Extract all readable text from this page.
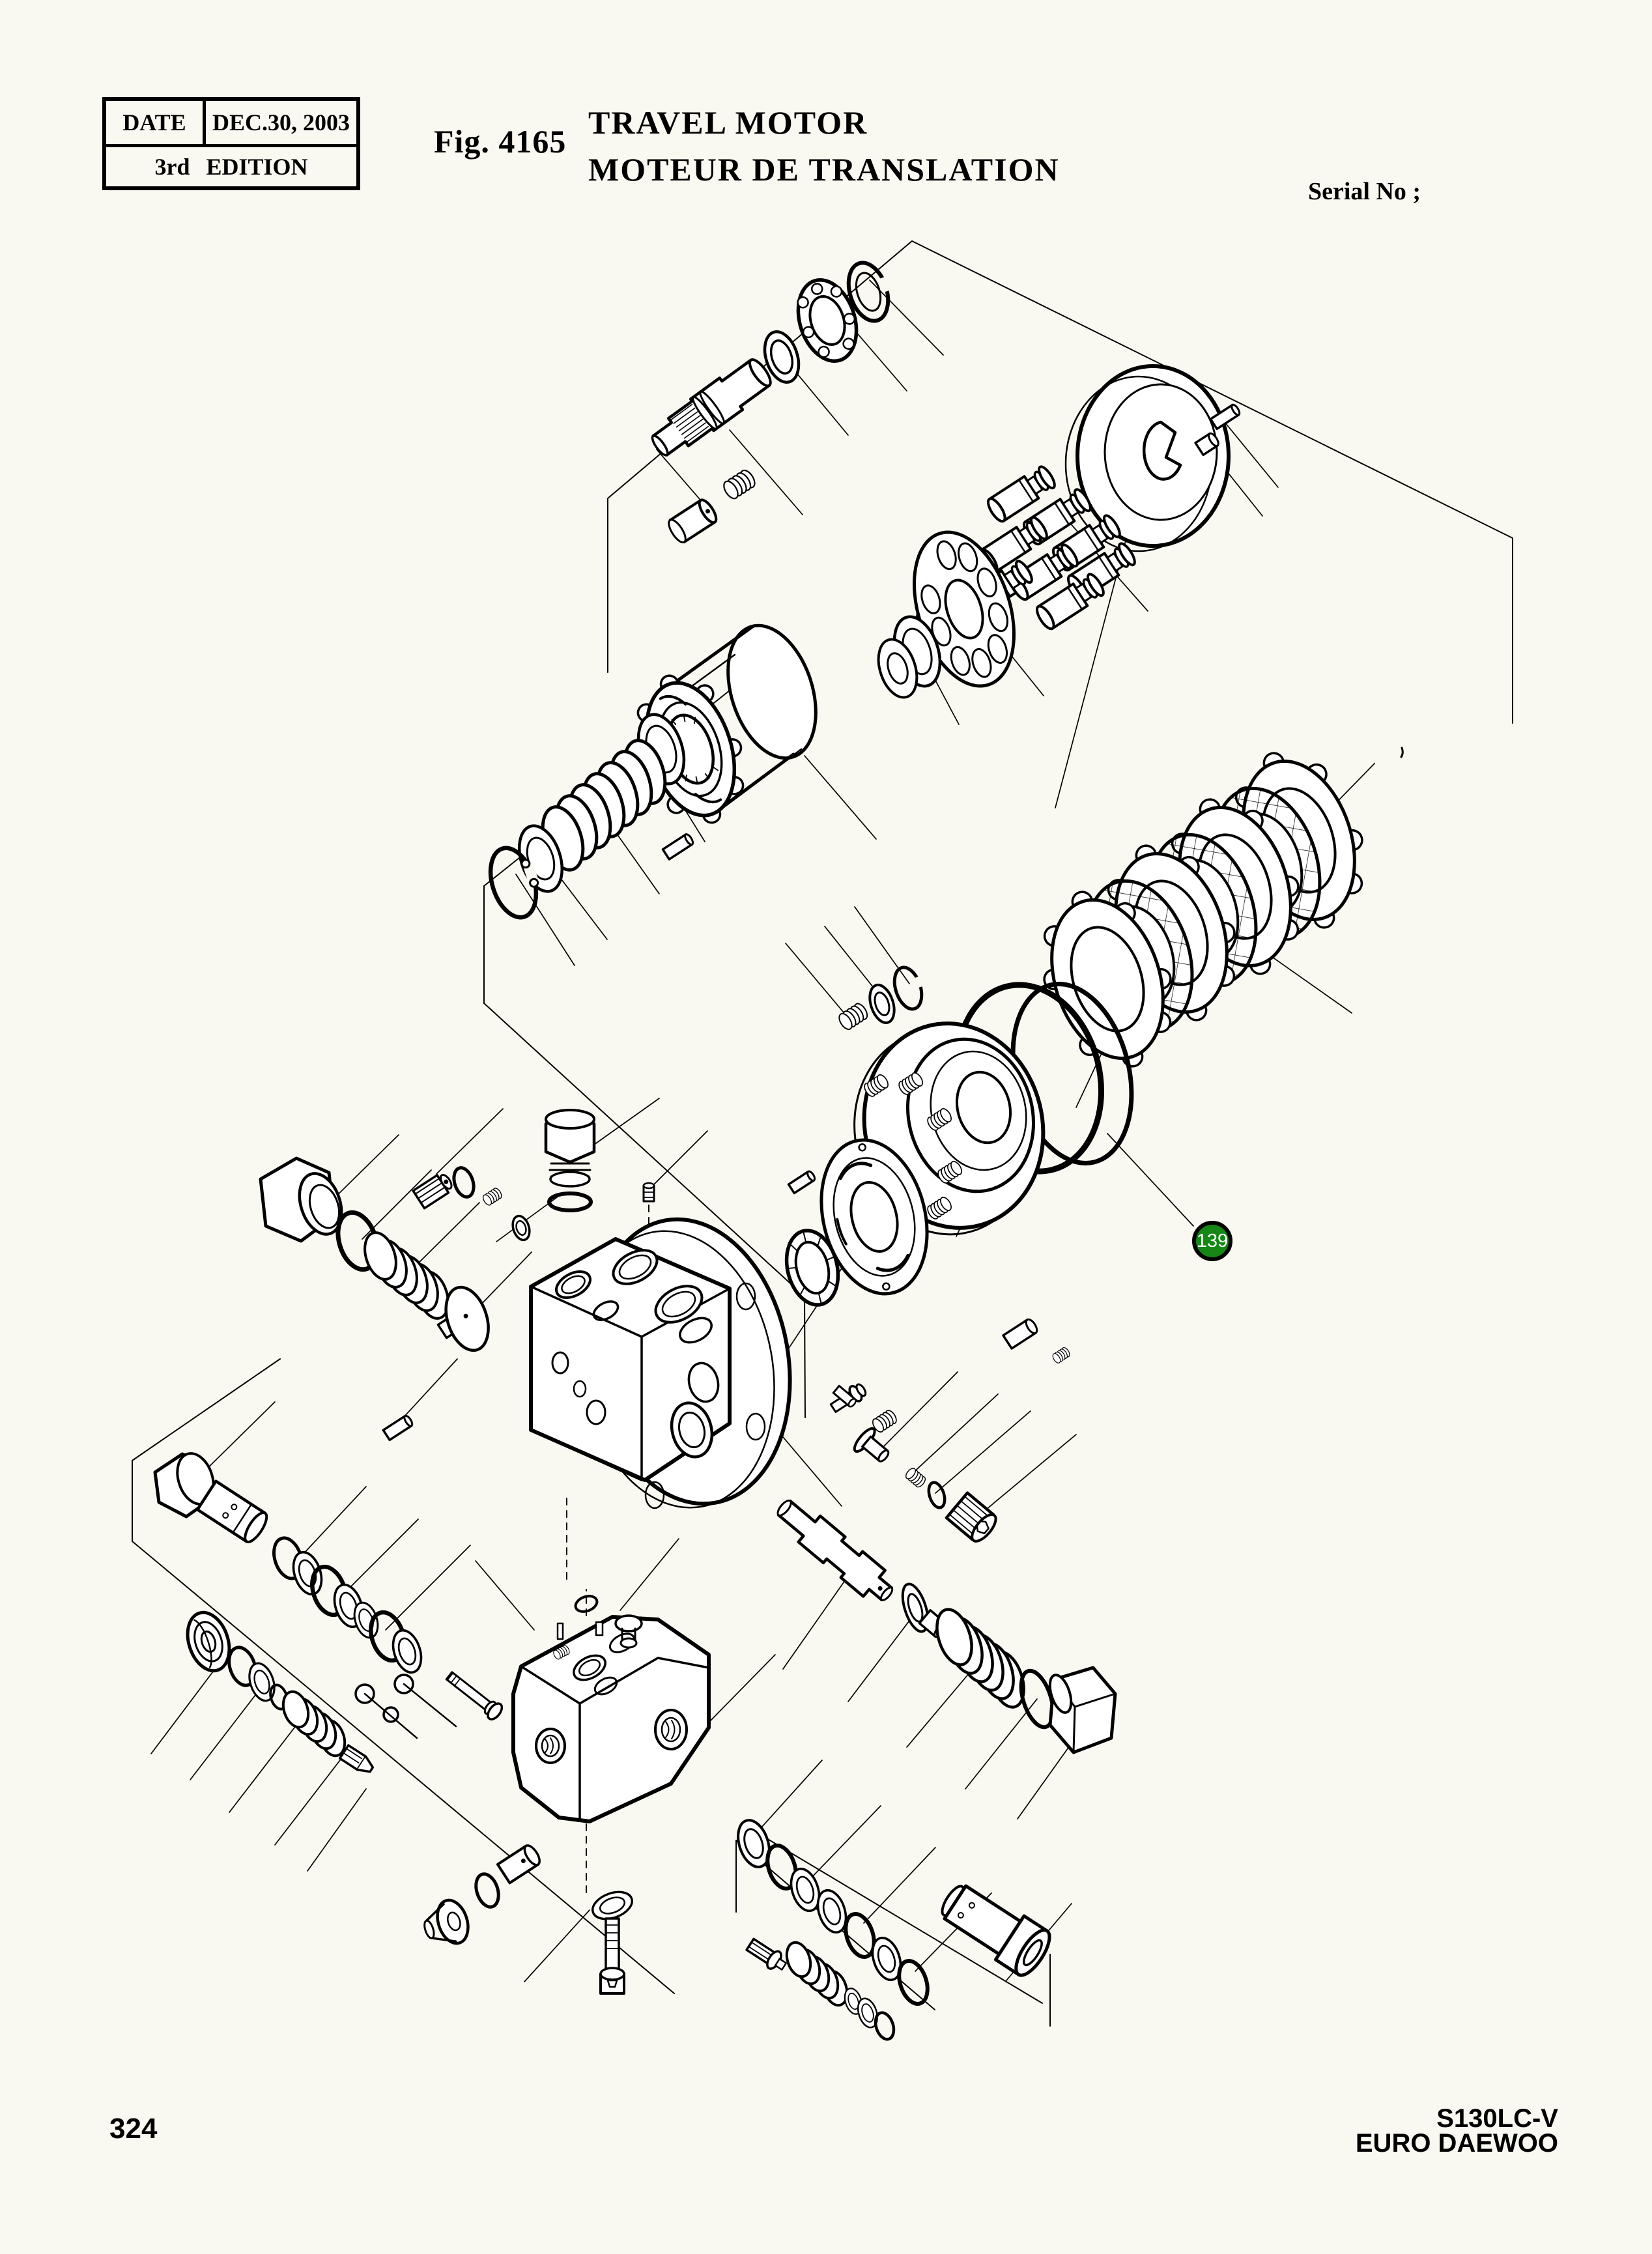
DATE	DEC.30, 2003
3rd EDITION
Fig. 4165
TRAVEL MOTOR
MOTEUR DE TRANSLATION
Serial No ;
139
324	S130LC-V
EURO DAEWOO
